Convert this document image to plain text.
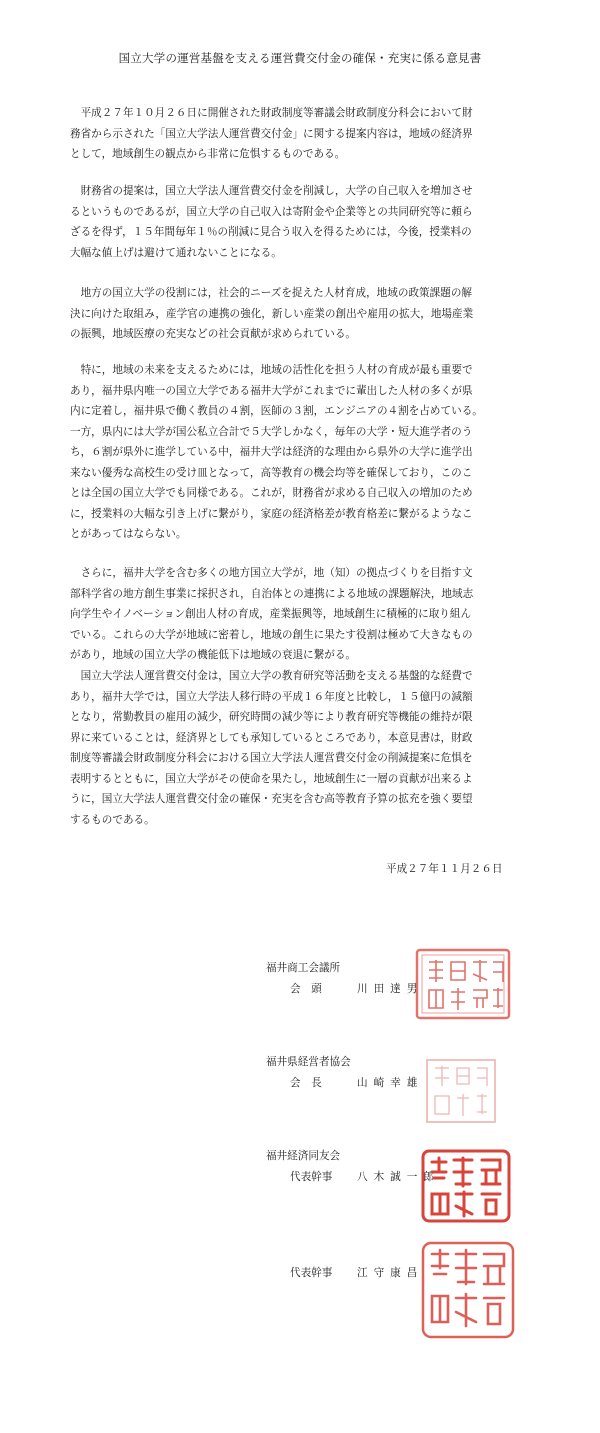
国立大学の運営基盤を支える運営費交付金の確保・充実に係る意見書
　平成２７年１０月２６日に開催された財政制度等審議会財政制度分科会において財
務省から示された「国立大学法人運営費交付金」に関する提案内容は，地域の経済界
として，地域創生の観点から非常に危惧するものである。
　財務省の提案は，国立大学法人運営費交付金を削減し，大学の自己収入を増加させ
るというものであるが，国立大学の自己収入は寄附金や企業等との共同研究等に頼ら
ざるを得ず，１５年間毎年１％の削減に見合う収入を得るためには，今後，授業料の
大幅な値上げは避けて通れないことになる。
　地方の国立大学の役割には，社会的ニーズを捉えた人材育成，地域の政策課題の解
決に向けた取組み，産学官の連携の強化，新しい産業の創出や雇用の拡大，地場産業
の振興，地域医療の充実などの社会貢献が求められている。
　特に，地域の未来を支えるためには，地域の活性化を担う人材の育成が最も重要で
あり，福井県内唯一の国立大学である福井大学がこれまでに輩出した人材の多くが県
内に定着し，福井県で働く教員の４割，医師の３割，エンジニアの４割を占めている。
一方，県内には大学が国公私立合計で５大学しかなく，毎年の大学・短大進学者のう
ち，６割が県外に進学している中，福井大学は経済的な理由から県外の大学に進学出
来ない優秀な高校生の受け皿となって，高等教育の機会均等を確保しており，このこ
とは全国の国立大学でも同様である。これが，財務省が求める自己収入の増加のため
に，授業料の大幅な引き上げに繋がり，家庭の経済格差が教育格差に繋がるようなこ
とがあってはならない。
　さらに，福井大学を含む多くの地方国立大学が，地（知）の拠点づくりを目指す文
部科学省の地方創生事業に採択され，自治体との連携による地域の課題解決，地域志
向学生やイノベーション創出人材の育成，産業振興等，地域創生に積極的に取り組ん
でいる。これらの大学が地域に密着し，地域の創生に果たす役割は極めて大きなもの
があり，地域の国立大学の機能低下は地域の衰退に繋がる。
　国立大学法人運営費交付金は，国立大学の教育研究等活動を支える基盤的な経費で
あり，福井大学では，国立大学法人移行時の平成１６年度と比較し，１５億円の減額
となり，常勤教員の雇用の減少，研究時間の減少等により教育研究等機能の維持が限
界に来ていることは，経済界としても承知しているところであり，本意見書は，財政
制度等審議会財政制度分科会における国立大学法人運営費交付金の削減提案に危惧を
表明するとともに，国立大学がその使命を果たし，地域創生に一層の貢献が出来るよ
うに，国立大学法人運営費交付金の確保・充実を含む高等教育予算の拡充を強く要望
するものである。
平成２７年１１月２６日
福井商工会議所
会　頭	川田達男
福井県経営者協会
会　長	山崎幸雄
福井経済同友会
代表幹事 八木誠一郎
代表幹事 江守康昌
